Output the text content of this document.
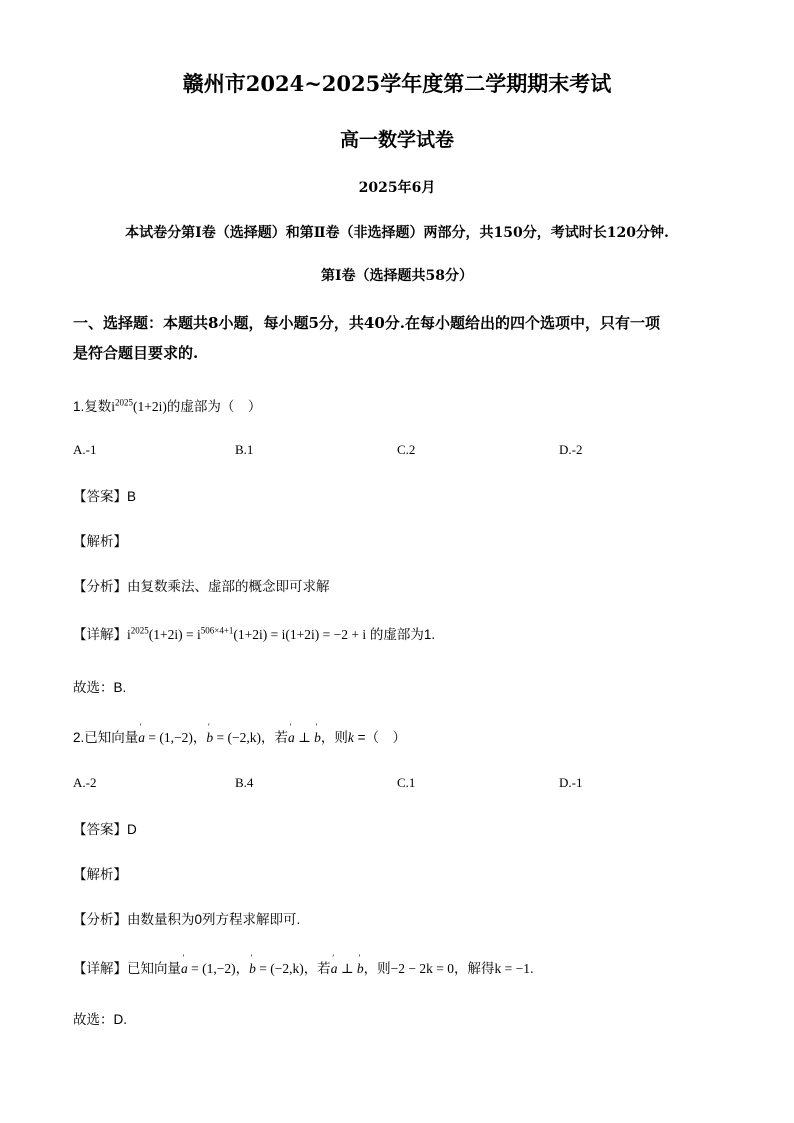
赣州市2024~2025学年度第二学期期末考试
高一数学试卷
2025年6月
本试卷分第Ⅰ卷（选择题）和第Ⅱ卷（非选择题）两部分，共150分，考试时长120分钟.
第Ⅰ卷（选择题共58分）
一、选择题：本题共8小题，每小题5分，共40分.在每小题给出的四个选项中，只有一项
是符合题目要求的.
1.复数$i^{2025}(1+2i)$的虚部为（　）
A.-1	B.1	C.2	D.-2
【答案】B
【解析】
【分析】由复数乘法、虚部的概念即可求解
【详解】$i^{2025}(1+2i) = i^{506\times 4+1}(1+2i) = i(1+2i) = -2 + i$ 的虚部为1.
故选：B.
2.已知向量' a = (1,−2)，' b = (−2,k)，若' a ⊥ ' b，则k =（　）
A.-2	B.4	C.1	D.-1
【答案】D
【解析】
【分析】由数量积为0列方程求解即可.
【详解】已知向量' a = (1,−2)，' b = (−2,k)，若' a ⊥ ' b，则−2 − 2k = 0，解得k = −1.
故选：D.
